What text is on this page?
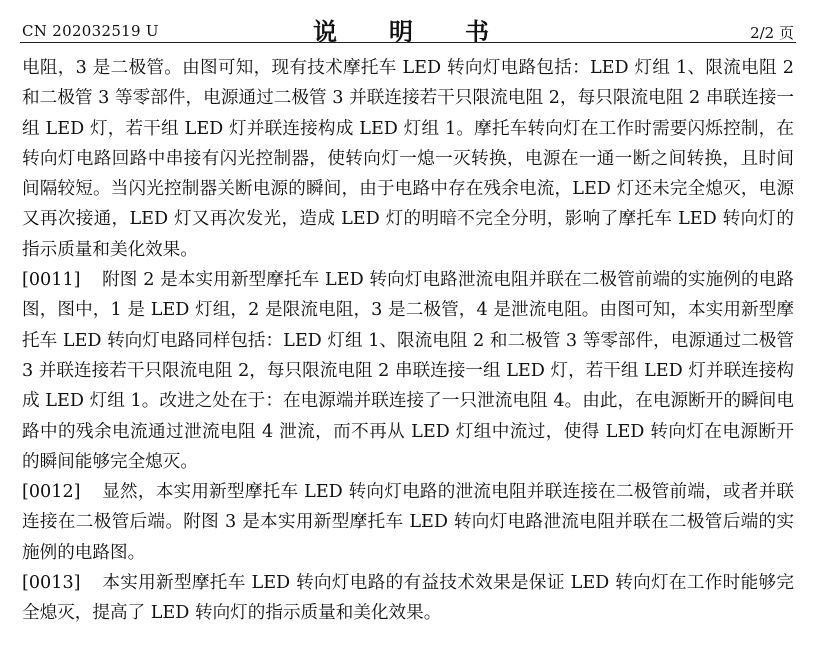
CN 202032519 U	说　明　书	2/2 页

电阻，3 是二极管。由图可知，现有技术摩托车 LED 转向灯电路包括：LED 灯组 1、限流电阻 2 和二极管 3 等零部件，电源通过二极管 3 并联连接若干只限流电阻 2，每只限流电阻 2 串联连接一组 LED 灯，若干组 LED 灯并联连接构成 LED 灯组 1。摩托车转向灯在工作时需要闪烁控制，在转向灯电路回路中串接有闪光控制器，使转向灯一熄一灭转换，电源在一通一断之间转换，且时间间隔较短。当闪光控制器关断电源的瞬间，由于电路中存在残余电流，LED 灯还未完全熄灭，电源又再次接通，LED 灯又再次发光，造成 LED 灯的明暗不完全分明，影响了摩托车 LED 转向灯的指示质量和美化效果。

[0011] 附图 2 是本实用新型摩托车 LED 转向灯电路泄流电阻并联在二极管前端的实施例的电路图，图中，1 是 LED 灯组，2 是限流电阻，3 是二极管，4 是泄流电阻。由图可知，本实用新型摩托车 LED 转向灯电路同样包括：LED 灯组 1、限流电阻 2 和二极管 3 等零部件，电源通过二极管 3 并联连接若干只限流电阻 2，每只限流电阻 2 串联连接一组 LED 灯，若干组 LED 灯并联连接构成 LED 灯组 1。改进之处在于：在电源端并联连接了一只泄流电阻 4。由此，在电源断开的瞬间电路中的残余电流通过泄流电阻 4 泄流，而不再从 LED 灯组中流过，使得 LED 转向灯在电源断开的瞬间能够完全熄灭。

[0012] 显然，本实用新型摩托车 LED 转向灯电路的泄流电阻并联连接在二极管前端，或者并联连接在二极管后端。附图 3 是本实用新型摩托车 LED 转向灯电路泄流电阻并联在二极管后端的实施例的电路图。

[0013] 本实用新型摩托车 LED 转向灯电路的有益技术效果是保证 LED 转向灯在工作时能够完全熄灭，提高了 LED 转向灯的指示质量和美化效果。
